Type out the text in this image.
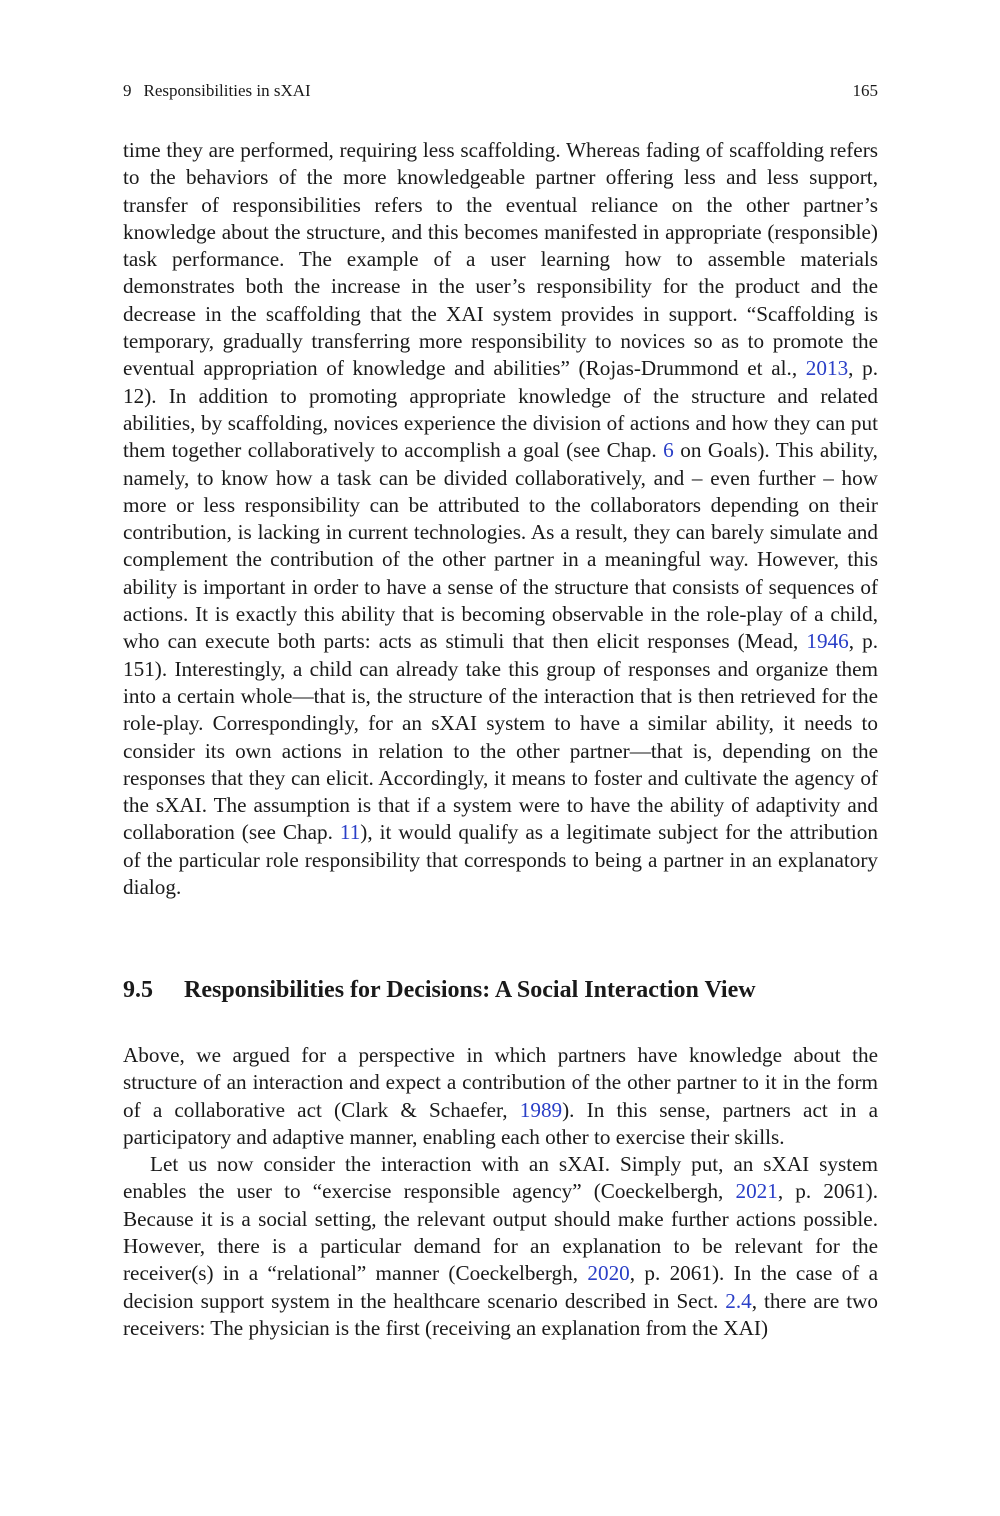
9 Responsibilities in sXAI	165

time they are performed, requiring less scaffolding. Whereas fading of scaffolding refers to the behaviors of the more knowledgeable partner offering less and less support, transfer of responsibilities refers to the eventual reliance on the other partner’s knowledge about the structure, and this becomes manifested in appropriate (responsible) task performance. The example of a user learning how to assemble materials demonstrates both the increase in the user’s responsibility for the product and the decrease in the scaffolding that the XAI system provides in support. “Scaffolding is temporary, gradually transferring more responsibility to novices so as to promote the eventual appropriation of knowledge and abilities” (Rojas-Drummond et al., 2013, p. 12). In addition to promoting appropriate knowledge of the structure and related abilities, by scaffolding, novices experience the division of actions and how they can put them together collaboratively to accomplish a goal (see Chap. 6 on Goals). This ability, namely, to know how a task can be divided collaboratively, and – even further – how more or less responsibility can be attributed to the collaborators depending on their contribution, is lacking in current technologies. As a result, they can barely simulate and complement the contribution of the other partner in a meaningful way. However, this ability is important in order to have a sense of the structure that consists of sequences of actions. It is exactly this ability that is becoming observable in the role-play of a child, who can execute both parts: acts as stimuli that then elicit responses (Mead, 1946, p. 151). Interestingly, a child can already take this group of responses and organize them into a certain whole—that is, the structure of the interaction that is then retrieved for the role-play. Correspondingly, for an sXAI system to have a similar ability, it needs to consider its own actions in relation to the other partner—that is, depending on the responses that they can elicit. Accordingly, it means to foster and cultivate the agency of the sXAI. The assumption is that if a system were to have the ability of adaptivity and collaboration (see Chap. 11), it would qualify as a legitimate subject for the attribution of the particular role responsibility that corresponds to being a partner in an explanatory dialog.

9.5 Responsibilities for Decisions: A Social Interaction View

Above, we argued for a perspective in which partners have knowledge about the structure of an interaction and expect a contribution of the other partner to it in the form of a collaborative act (Clark & Schaefer, 1989). In this sense, partners act in a participatory and adaptive manner, enabling each other to exercise their skills.

Let us now consider the interaction with an sXAI. Simply put, an sXAI system enables the user to “exercise responsible agency” (Coeckelbergh, 2021, p. 2061). Because it is a social setting, the relevant output should make further actions possible. However, there is a particular demand for an explanation to be relevant for the receiver(s) in a “relational” manner (Coeckelbergh, 2020, p. 2061). In the case of a decision support system in the healthcare scenario described in Sect. 2.4, there are two receivers: The physician is the first (receiving an explanation from the XAI)
